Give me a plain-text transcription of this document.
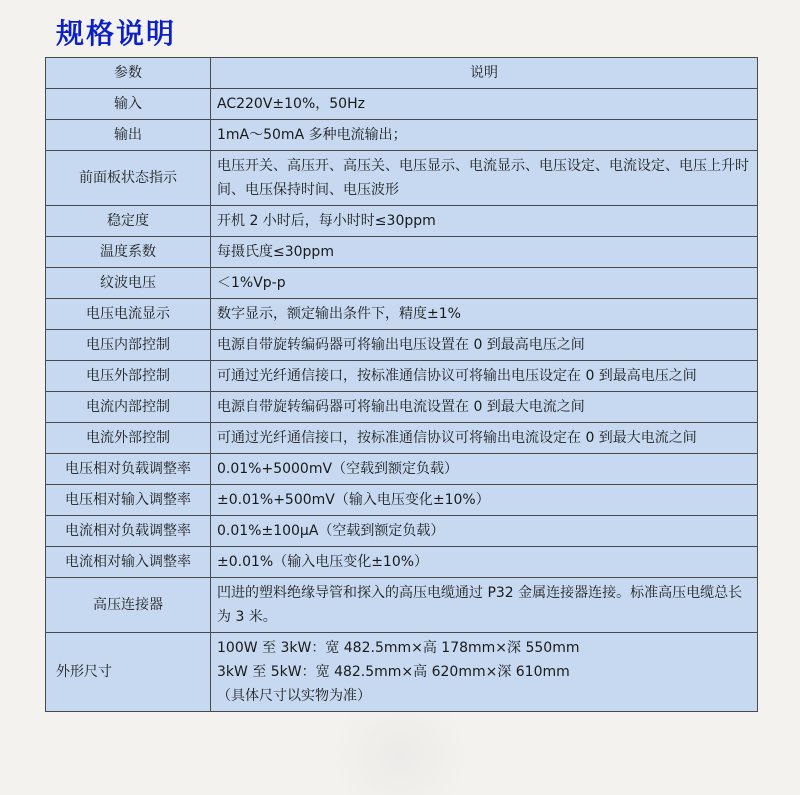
规格说明
参数	说明
输入	AC220V±10%，50Hz
输出	1mA～50mA 多种电流输出；
前面板状态指示	电压开关、高压开、高压关、电压显示、电流显示、电压设定、电流设定、电压上升时间、电压保持时间、电压波形
稳定度	开机 2 小时后，每小时时≤30ppm
温度系数	每摄氏度≤30ppm
纹波电压	＜1%Vp-p
电压电流显示	数字显示，额定输出条件下，精度±1%
电压内部控制	电源自带旋转编码器可将输出电压设置在 0 到最高电压之间
电压外部控制	可通过光纤通信接口，按标准通信协议可将输出电压设定在 0 到最高电压之间
电流内部控制	电源自带旋转编码器可将输出电流设置在 0 到最大电流之间
电流外部控制	可通过光纤通信接口，按标准通信协议可将输出电流设定在 0 到最大电流之间
电压相对负载调整率	0.01%+5000mV（空载到额定负载）
电压相对输入调整率	±0.01%+500mV（输入电压变化±10%）
电流相对负载调整率	0.01%±100μA（空载到额定负载）
电流相对输入调整率	±0.01%（输入电压变化±10%）
高压连接器	凹进的塑料绝缘导管和探入的高压电缆通过 P32 金属连接器连接。标准高压电缆总长为 3 米。
外形尺寸	100W 至 3kW：宽 482.5mm×高 178mm×深 550mm
3kW 至 5kW：宽 482.5mm×高 620mm×深 610mm
（具体尺寸以实物为准）
